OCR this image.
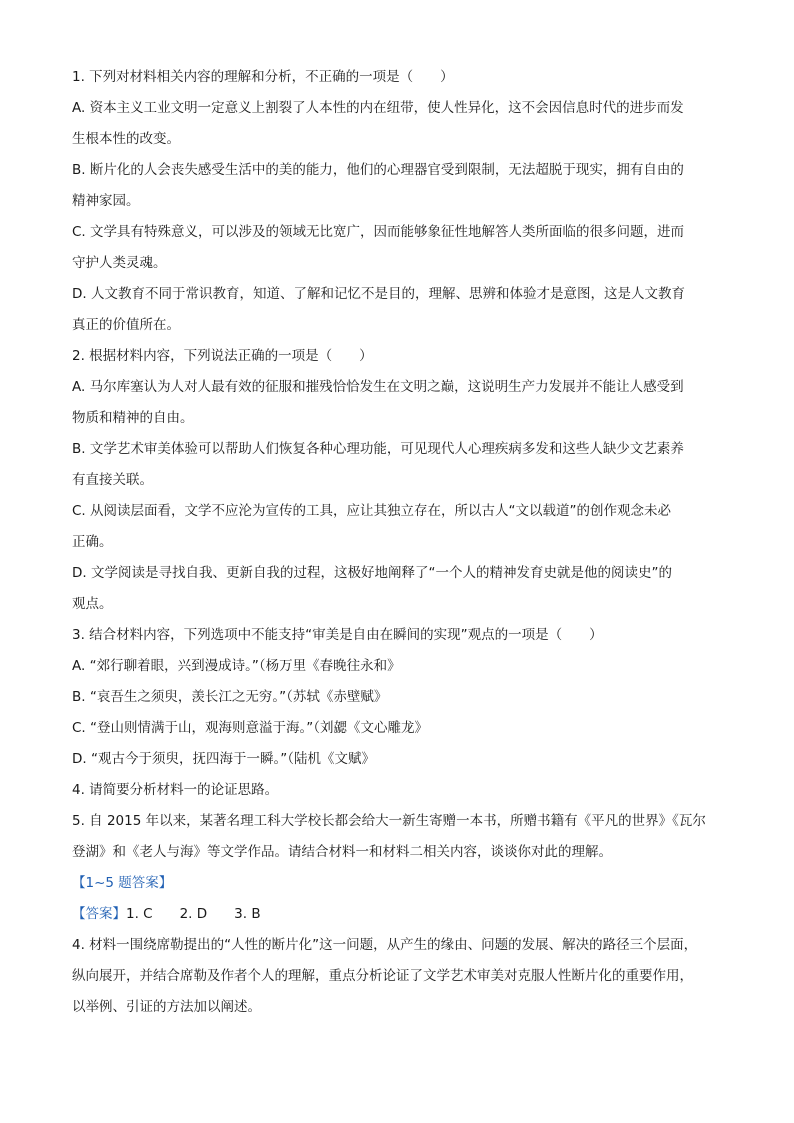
1. 下列对材料相关内容的理解和分析，不正确的一项是（　　）
A. 资本主义工业文明一定意义上割裂了人本性的内在纽带，使人性异化，这不会因信息时代的进步而发
生根本性的改变。
B. 断片化的人会丧失感受生活中的美的能力，他们的心理器官受到限制，无法超脱于现实，拥有自由的
精神家园。
C. 文学具有特殊意义，可以涉及的领域无比宽广，因而能够象征性地解答人类所面临的很多问题，进而
守护人类灵魂。
D. 人文教育不同于常识教育，知道、了解和记忆不是目的，理解、思辨和体验才是意图，这是人文教育
真正的价值所在。
2. 根据材料内容，下列说法正确的一项是（　　）
A. 马尔库塞认为人对人最有效的征服和摧残恰恰发生在文明之巅，这说明生产力发展并不能让人感受到
物质和精神的自由。
B. 文学艺术审美体验可以帮助人们恢复各种心理功能，可见现代人心理疾病多发和这些人缺少文艺素养
有直接关联。
C. 从阅读层面看，文学不应沦为宣传的工具，应让其独立存在，所以古人“文以载道”的创作观念未必
正确。
D. 文学阅读是寻找自我、更新自我的过程，这极好地阐释了“一个人的精神发育史就是他的阅读史”的
观点。
3. 结合材料内容，下列选项中不能支持“审美是自由在瞬间的实现”观点的一项是（　　）
A. “郊行聊着眼，兴到漫成诗。”（杨万里《春晚往永和》
B. “哀吾生之须臾，羡长江之无穷。”（苏轼《赤壁赋》
C. “登山则情满于山，观海则意溢于海。”（刘勰《文心雕龙》
D. “观古今于须臾，抚四海于一瞬。”（陆机《文赋》
4. 请简要分析材料一的论证思路。
5. 自 2015 年以来，某著名理工科大学校长都会给大一新生寄赠一本书，所赠书籍有《平凡的世界》《瓦尔
登湖》和《老人与海》等文学作品。请结合材料一和材料二相关内容，谈谈你对此的理解。
【1~5 题答案】
【答案】1. C　　2. D　　3. B
4. 材料一围绕席勒提出的“人性的断片化”这一问题，从产生的缘由、问题的发展、解决的路径三个层面，
纵向展开，并结合席勒及作者个人的理解，重点分析论证了文学艺术审美对克服人性断片化的重要作用，
以举例、引证的方法加以阐述。
